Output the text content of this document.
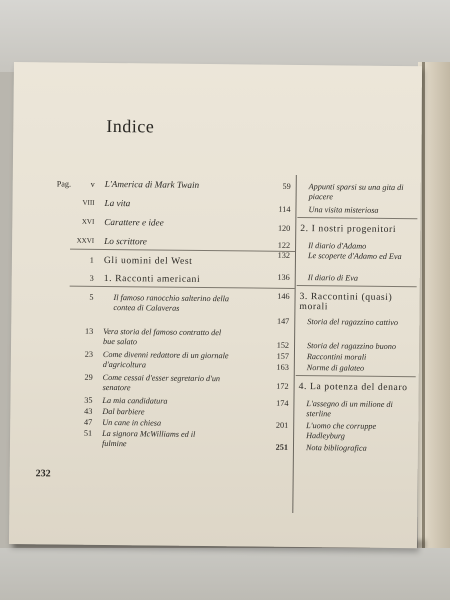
Indice
Pag.	v L'America di Mark Twain
VIII La vita
XVI Carattere e idee
XXVI Lo scrittore
1 Gli uomini del West
3 1. Racconti americani
5 Il famoso ranocchio salterino della contea di Calaveras
13 Vera storia del famoso contratto del bue salato
23 Come divenni redattore di un giornale d'agricoltura
29 Come cessai d'esser segretario d'un senatore
35 La mia candidatura
43 Dal barbiere
47 Un cane in chiesa
51 La signora McWilliams ed il fulmine
59 Appunti sparsi su una gita di piacere
114 Una visita misteriosa
120 2. I nostri progenitori
122 Il diario d'Adamo
132 Le scoperte d'Adamo ed Eva
136 Il diario di Eva
146 3. Raccontini (quasi) morali
147 Storia del ragazzino cattivo
152 Storia del ragazzino buono
157 Raccontini morali
163 Norme di galateo
172 4. La potenza del denaro
174 L'assegno di un milione di sterline
201 L'uomo che corruppe Hadleyburg
251 Nota bibliografica
232
